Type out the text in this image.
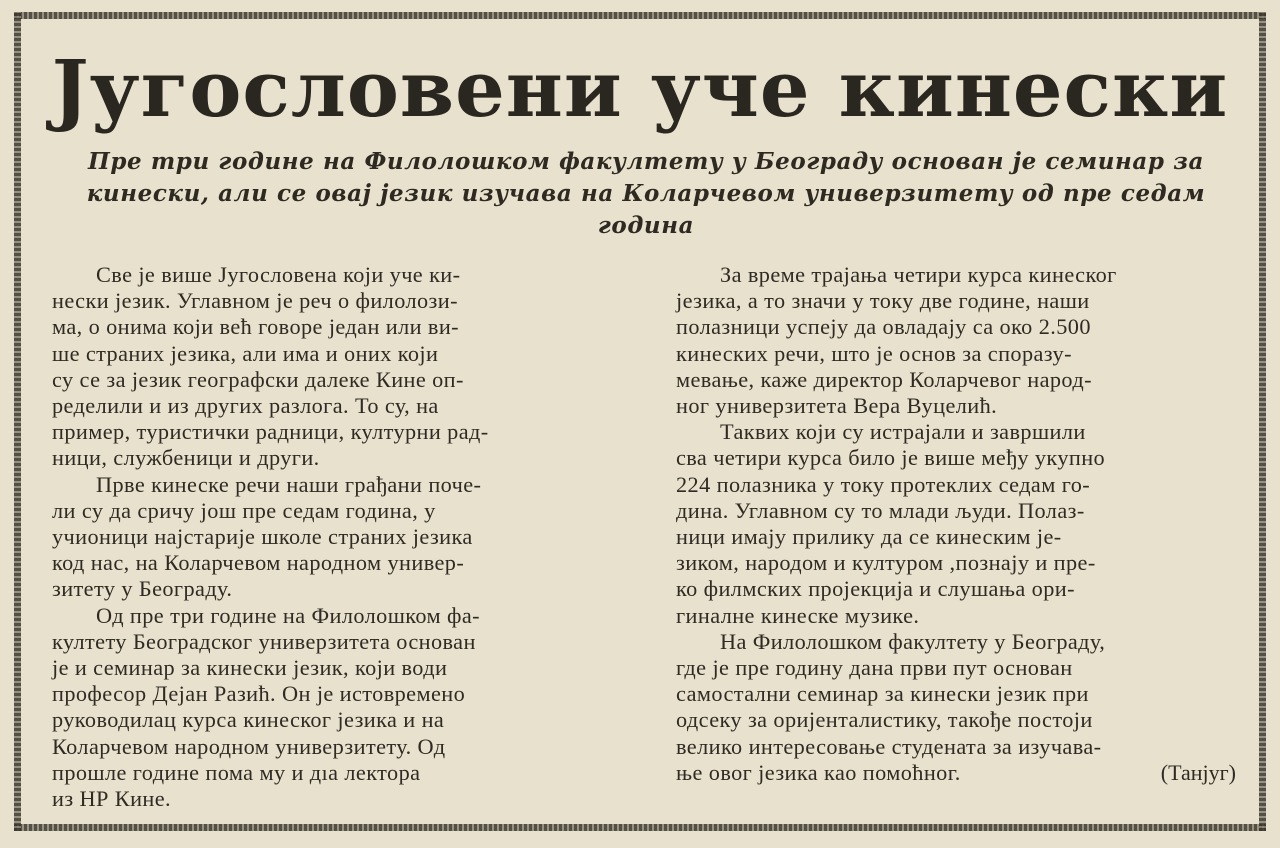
Југословени уче кинески
Пре три године на Филолошком факултету у Београду основан је семинар за кинески, али се овај језик изучава на Коларчевом универзитету од пре седам година
Све је више Југословена који уче ки-
нески језик. Углавном је реч о филолози-
ма, о онима који већ говоре један или ви-
ше страних језика, али има и оних који
су се за језик географски далеке Кине оп-
ределили и из других разлога. То су, на
пример, туристички радници, културни рад-
ници, службеници и други.
Прве кинеске речи наши грађани поче-
ли су да сричу још пре седам година, у
учионици најстарије школе страних језика
код нас, на Коларчевом народном универ-
зитету у Београду.
Од пре три године на Филолошком фа-
култету Београдског универзитета основан
је и семинар за кинески језик, који води
професор Дејан Разић. Он је истовремено
руководилац курса кинеског језика и на
Коларчевом народном универзитету. Од
прошле године пома му и дıа лектора
из НР Кине.
За време трајања четири курса кинеског
језика, а то значи у току две године, наши
полазници успеју да овладају са око 2.500
кинеских речи, што је основ за споразу-
мевање, каже директор Коларчевог народ-
ног универзитета Вера Вуцелић.
Таквих који су истрајали и завршили
сва четири курса било је више међу укупно
224 полазника у току протеклих седам го-
дина. Углавном су то млади људи. Полаз-
ници имају прилику да се кинеским је-
зиком, народом и културом ,познају и пре-
ко филмских пројекција и слушања ори-
гиналне кинеске музике.
На Филолошком факултету у Београду,
где је пре годину дана први пут основан
самостални семинар за кинески језик при
одсеку за оријенталистику, такође постоји
велико интересовање студената за изучава-
ње овог језика као помоћног.	(Танјуг)
